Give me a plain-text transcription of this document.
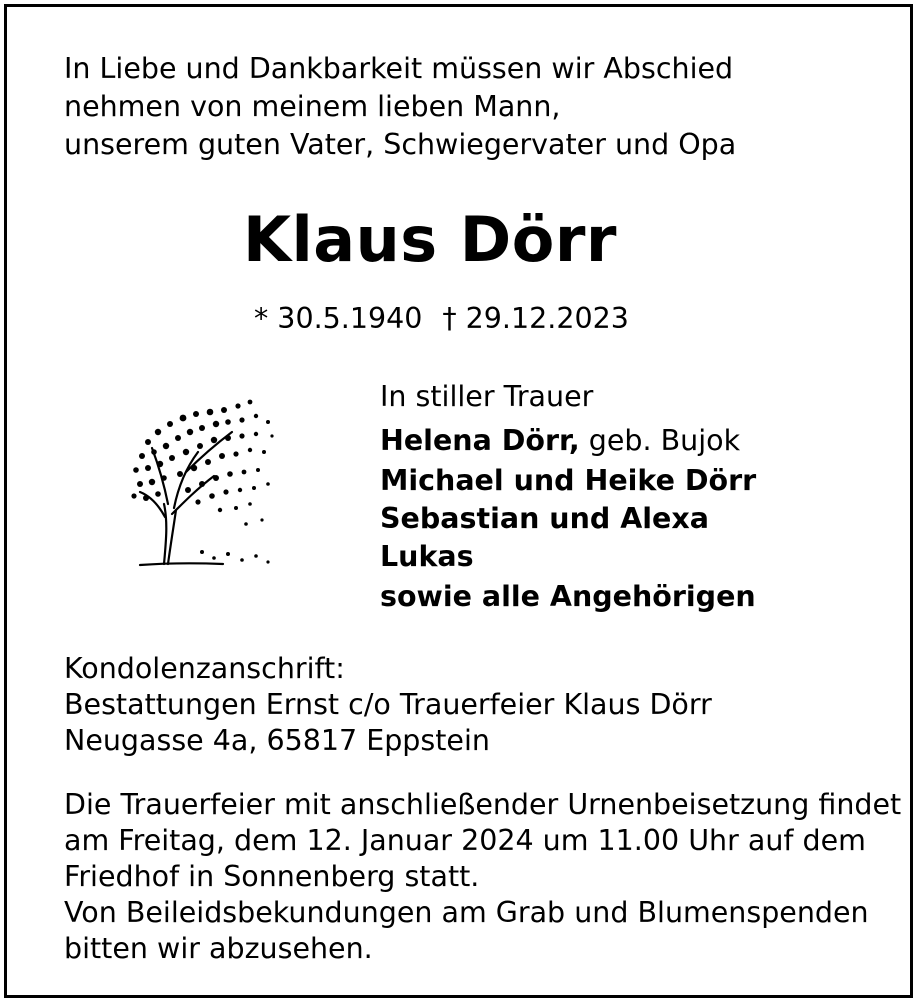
In Liebe und Dankbarkeit müssen wir Abschied
nehmen von meinem lieben Mann,
unserem guten Vater, Schwiegervater und Opa
Klaus Dörr
* 30.5.1940 † 29.12.2023
In stiller Trauer
Helena Dörr, geb. Bujok
Michael und Heike Dörr
Sebastian und Alexa
Lukas
sowie alle Angehörigen
Kondolenzanschrift:
Bestattungen Ernst c/o Trauerfeier Klaus Dörr
Neugasse 4a, 65817 Eppstein
Die Trauerfeier mit anschließender Urnenbeisetzung findet
am Freitag, dem 12. Januar 2024 um 11.00 Uhr auf dem
Friedhof in Sonnenberg statt.
Von Beileidsbekundungen am Grab und Blumenspenden
bitten wir abzusehen.
